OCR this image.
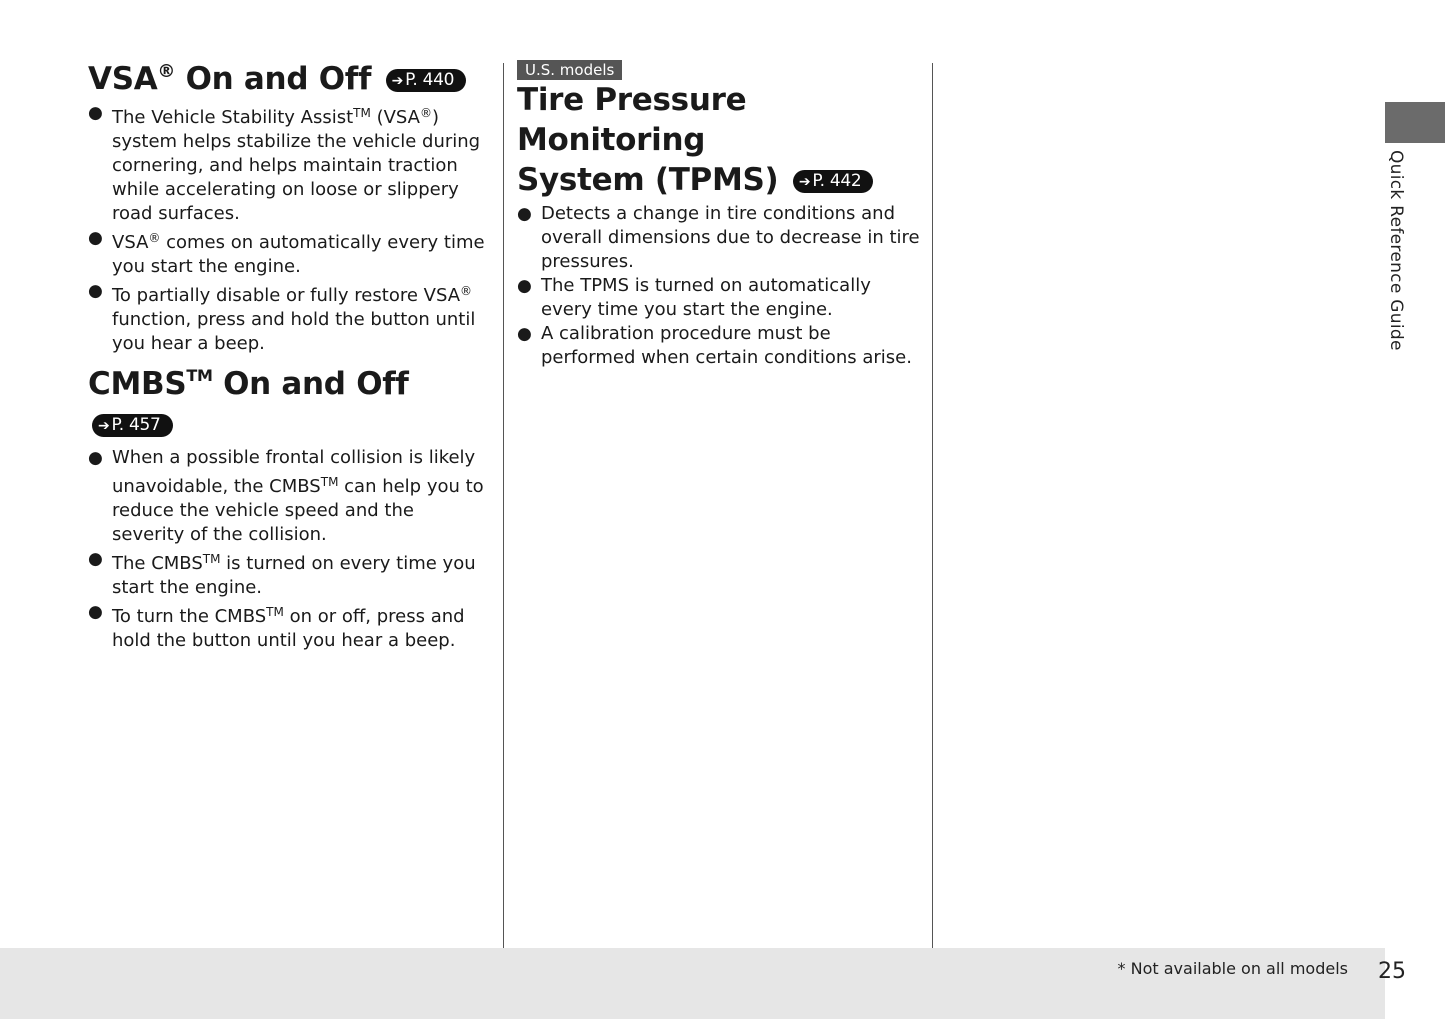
VSA® On and Off ➔ P. 440
● The Vehicle Stability Assist™ (VSA®) system helps stabilize the vehicle during cornering, and helps maintain traction while accelerating on loose or slippery road surfaces.
● VSA® comes on automatically every time you start the engine.
● To partially disable or fully restore VSA® function, press and hold the button until you hear a beep.
CMBS™ On and Off ➔ P. 457
● When a possible frontal collision is likely unavoidable, the CMBS™ can help you to reduce the vehicle speed and the severity of the collision.
● The CMBS™ is turned on every time you start the engine.
● To turn the CMBS™ on or off, press and hold the button until you hear a beep.
U.S. models
Tire Pressure Monitoring
System (TPMS) ➔ P. 442
● Detects a change in tire conditions and overall dimensions due to decrease in tire pressures.
● The TPMS is turned on automatically every time you start the engine.
● A calibration procedure must be performed when certain conditions arise.
Quick Reference Guide
* Not available on all models 25
